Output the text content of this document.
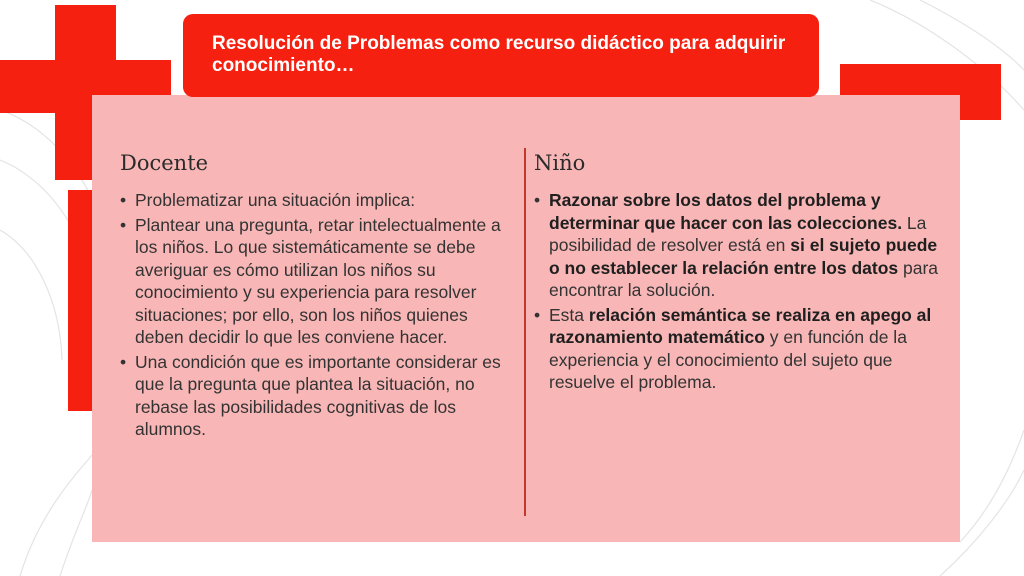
Resolución de Problemas como recurso didáctico para adquirir conocimiento…
Docente
• Problematizar una situación implica:
• Plantear una pregunta, retar intelectualmente a los niños. Lo que sistemáticamente se debe averiguar es cómo utilizan los niños su conocimiento y su experiencia para resolver situaciones; por ello, son los niños quienes deben decidir lo que les conviene hacer.
• Una condición que es importante considerar es que la pregunta que plantea la situación, no rebase las posibilidades cognitivas de los alumnos.
Niño
• Razonar sobre los datos del problema y determinar que hacer con las colecciones. La posibilidad de resolver está en si el sujeto puede o no establecer la relación entre los datos para encontrar la solución.
• Esta relación semántica se realiza en apego al razonamiento matemático y en función de la experiencia y el conocimiento del sujeto que resuelve el problema.
